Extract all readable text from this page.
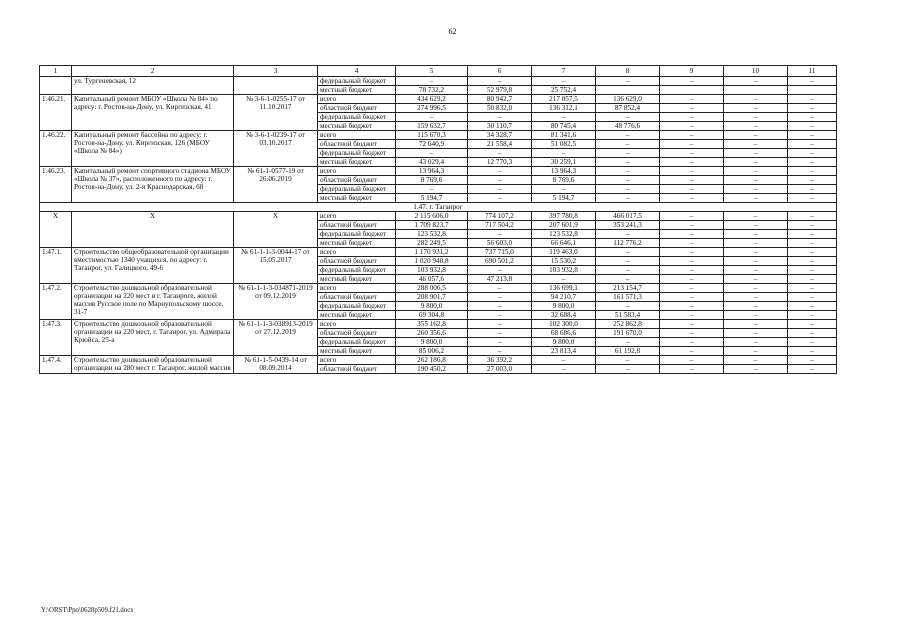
62
1	2	3	4	5	6	7	8	9	10	11
	ул. Тургеневская, 12		федеральный бюджет	–	–	–	–	–	–	–
			местный бюджет	78 732,2	52 979,8	25 752,4				
1.46.21.	Капитальный ремонт МБОУ «Школа № 84» по адресу: г. Ростов-на-Дону, ул. Киргизская, 41	№ 3-6-1-0255-17 от 11.10.2017	всего	434 629,2	80 942,7	217 057,5	136 629,0	–	–	–
			областной бюджет	274 996,5	50 832,0	136 312,1	87 852,4	–	–	–
			федеральный бюджет	–	–	–	–	–	–	–
			местный бюджет	159 632,7	30 110,7	80 745,4	48 776,6	–	–	–
1.46.22.	Капитальный ремонт бассейна по адресу: г. Ростов-на-Дону, ул. Киргизская, 126 (МБОУ «Школа № 84»)	№ 3-6-1-0239-17 от 03.10.2017	всего	115 670,3	34 328,7	81 341,6	–	–	–	–
			областной бюджет	72 640,9	21 558,4	51 082,5	–	–	–	–
			федеральный бюджет	–	–	–	–	–	–	–
			местный бюджет	43 029,4	12 770,3	30 259,1	–	–	–	–
1.46.23.	Капитальный ремонт спортивного стадиона МБОУ «Школа № 37», расположенного по адресу: г. Ростов-на-Дону, ул. 2-я Краснодарская, 68	№ 61-1-0577-19 от 26.06.2019	всего	13 964,3	–	13 964,3	–	–	–	–
			областной бюджет	8 769,6	–	8 769,6	–	–	–	–
			федеральный бюджет	–	–	–	–	–	–	–
			местный бюджет	5 194,7	–	5 194,7	–	–	–	–
1.47. г. Таганрог										
Х	Х	Х	всего	2 115 606,0	774 107,2	397 780,8	466 017,5	–	–	–
			областной бюджет	1 709 823,7	717 504,2	207 601,9	353 241,3	–	–	–
			федеральный бюджет	123 532,8	–	123 532,8	–	–	–	–
			местный бюджет	282 249,5	56 603,0	66 646,1	112 776,2	–	–	–
1.47.1.	Строительство общеобразовательной организации вместимостью 1340 учащихся, по адресу: г. Таганрог, ул. Галицкого, 49-6	№ 61-1-1-3-0044-17 от 15.05.2017	всего	1 170 931,2	737 715,0	119 463,0	–	–	–	–
			областной бюджет	1 020 940,8	690 501,2	15 530,2	–	–	–	–
			федеральный бюджет	103 932,8	–	103 932,8	–	–	–	–
			местный бюджет	46 057,6	47 213,8	–	–	–	–	–
1.47.2.	Строительство дошкольной образовательной организации на 220 мест в г. Таганроге, жилой массив Русское поле по Мариупольскому шоссе, 31-7	№ 61-1-1-3-034871-2019 от 09.12.2019	всего	288 006,5	–	136 699,1	213 154,7	–	–	–
			областной бюджет	208 901,7	–	94 210,7	161 571,3	–	–	–
			федеральный бюджет	9 800,0	–	9 800,0	–	–	–	–
			местный бюджет	69 304,8	–	32 688,4	51 583,4	–	–	–
1.47.3.	Строительство дошкольной образовательной организации на 220 мест, г. Таганрог, ул. Адмирала Крюйса, 25-а	№ 61-1-1-3-038913-2019 от 27.12.2019	всего	355 162,8	–	102 300,0	252 862,8	–	–	–
			областной бюджет	260 356,6	–	68 686,6	191 670,0	–	–	–
			федеральный бюджет	9 800,0	–	9 800,0	–	–	–	–
			местный бюджет	85 006,2	–	23 813,4	61 192,8	–	–	–
1.47.4.	Строительство дошкольной образовательной организации на 280 мест г. Таганрог, жилой массив	№ 61-1-5-0439-14 от 08.09.2014	всего	262 186,8	36 392,2	–	–	–	–	–
			областной бюджет	190 450,2	27 003,0	–	–	–	–	–
Y:\ORST\Ppo\0628p509.f21.docx
